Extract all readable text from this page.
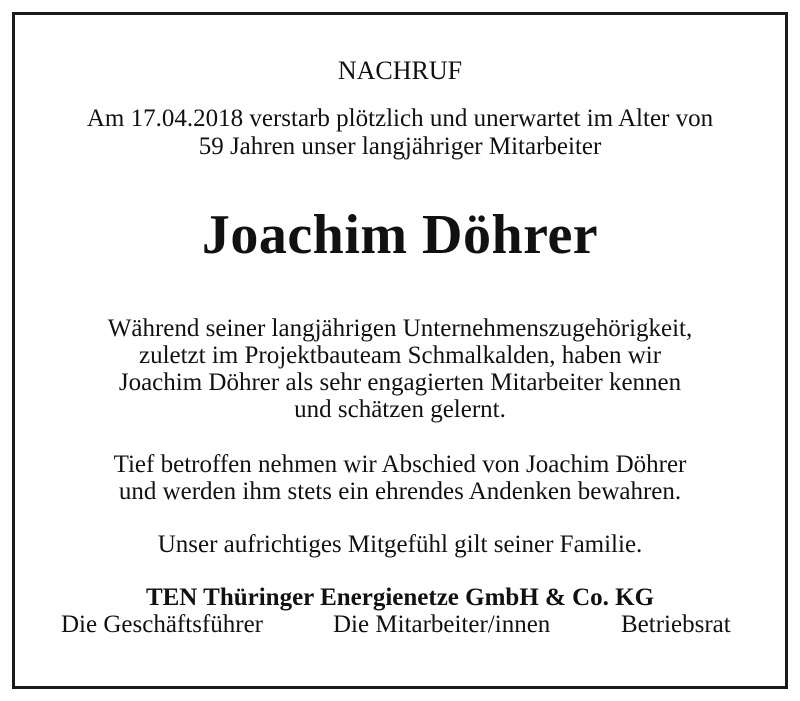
NACHRUF
Am 17.04.2018 verstarb plötzlich und unerwartet im Alter von
59 Jahren unser langjähriger Mitarbeiter
Joachim Döhrer
Während seiner langjährigen Unternehmenszugehörigkeit,
zuletzt im Projektbauteam Schmalkalden, haben wir
Joachim Döhrer als sehr engagierten Mitarbeiter kennen
und schätzen gelernt.
Tief betroffen nehmen wir Abschied von Joachim Döhrer
und werden ihm stets ein ehrendes Andenken bewahren.
Unser aufrichtiges Mitgefühl gilt seiner Familie.
TEN Thüringer Energienetze GmbH & Co. KG
Die Geschäftsführer	Die Mitarbeiter/innen	Betriebsrat
